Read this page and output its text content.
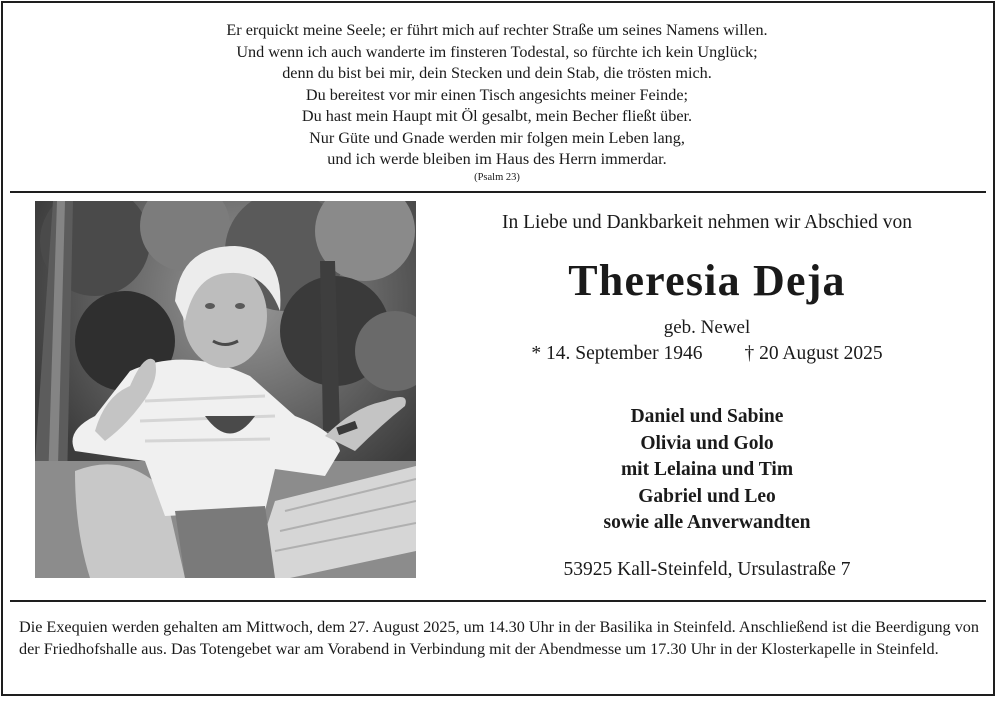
Er erquickt meine Seele; er führt mich auf rechter Straße um seines Namens willen.
Und wenn ich auch wanderte im finsteren Todestal, so fürchte ich kein Unglück;
denn du bist bei mir, dein Stecken und dein Stab, die trösten mich.
Du bereitest vor mir einen Tisch angesichts meiner Feinde;
Du hast mein Haupt mit Öl gesalbt, mein Becher fließt über.
Nur Güte und Gnade werden mir folgen mein Leben lang,
und ich werde bleiben im Haus des Herrn immerdar.
(Psalm 23)
In Liebe und Dankbarkeit nehmen wir Abschied von
Theresia Deja
geb. Newel
* 14. September 1946 † 20 August 2025
Daniel und Sabine
Olivia und Golo
mit Lelaina und Tim
Gabriel und Leo
sowie alle Anverwandten
53925 Kall-Steinfeld, Ursulastraße 7
Die Exequien werden gehalten am Mittwoch, dem 27. August 2025, um 14.30 Uhr in der Basilika in Steinfeld. Anschließend ist die Beerdigung von der Friedhofshalle aus. Das Totengebet war am Vorabend in Verbindung mit der Abendmesse um 17.30 Uhr in der Klosterkapelle in Steinfeld.
